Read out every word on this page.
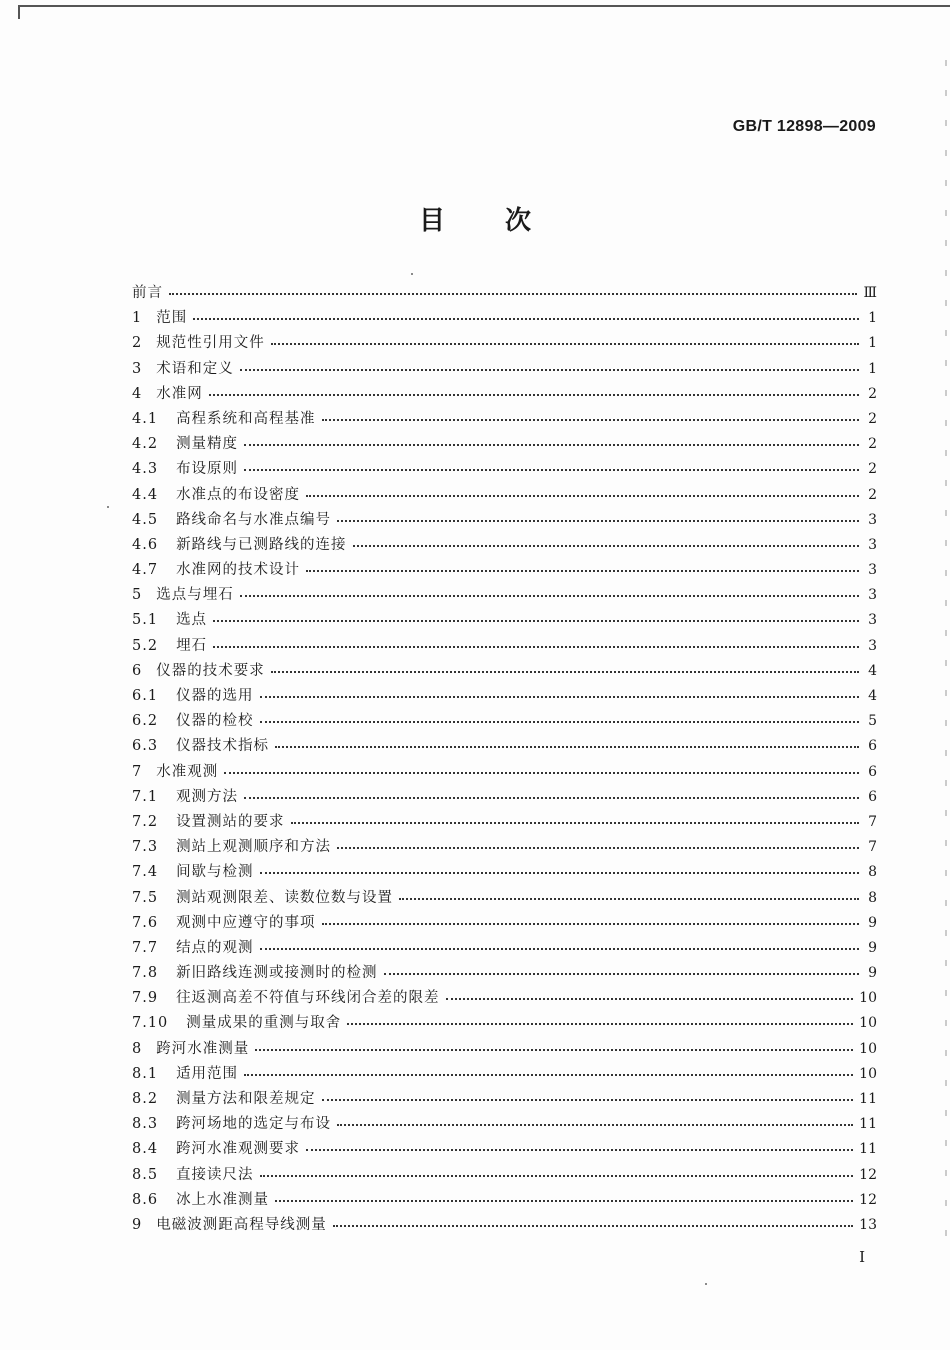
GB/T 12898—2009
目 次
前言	Ⅲ
1 范围	1
2 规范性引用文件	1
3 术语和定义	1
4 水准网	2
4.1	高程系统和高程基准	2
4.2	测量精度	2
4.3	布设原则	2
4.4	水准点的布设密度	2
4.5	路线命名与水准点编号	3
4.6	新路线与已测路线的连接	3
4.7	水准网的技术设计	3
5 选点与埋石	3
5.1	选点	3
5.2	埋石	3
6 仪器的技术要求	4
6.1	仪器的选用	4
6.2	仪器的检校	5
6.3	仪器技术指标	6
7 水准观测	6
7.1	观测方法	6
7.2	设置测站的要求	7
7.3	测站上观测顺序和方法	7
7.4	间歇与检测	8
7.5	测站观测限差、读数位数与设置	8
7.6	观测中应遵守的事项	9
7.7	结点的观测	9
7.8	新旧路线连测或接测时的检测	9
7.9	往返测高差不符值与环线闭合差的限差	10
7.10	测量成果的重测与取舍	10
8 跨河水准测量	10
8.1	适用范围	10
8.2	测量方法和限差规定	11
8.3	跨河场地的选定与布设	11
8.4	跨河水准观测要求	11
8.5	直接读尺法	12
8.6	冰上水准测量	12
9 电磁波测距高程导线测量	13
I
